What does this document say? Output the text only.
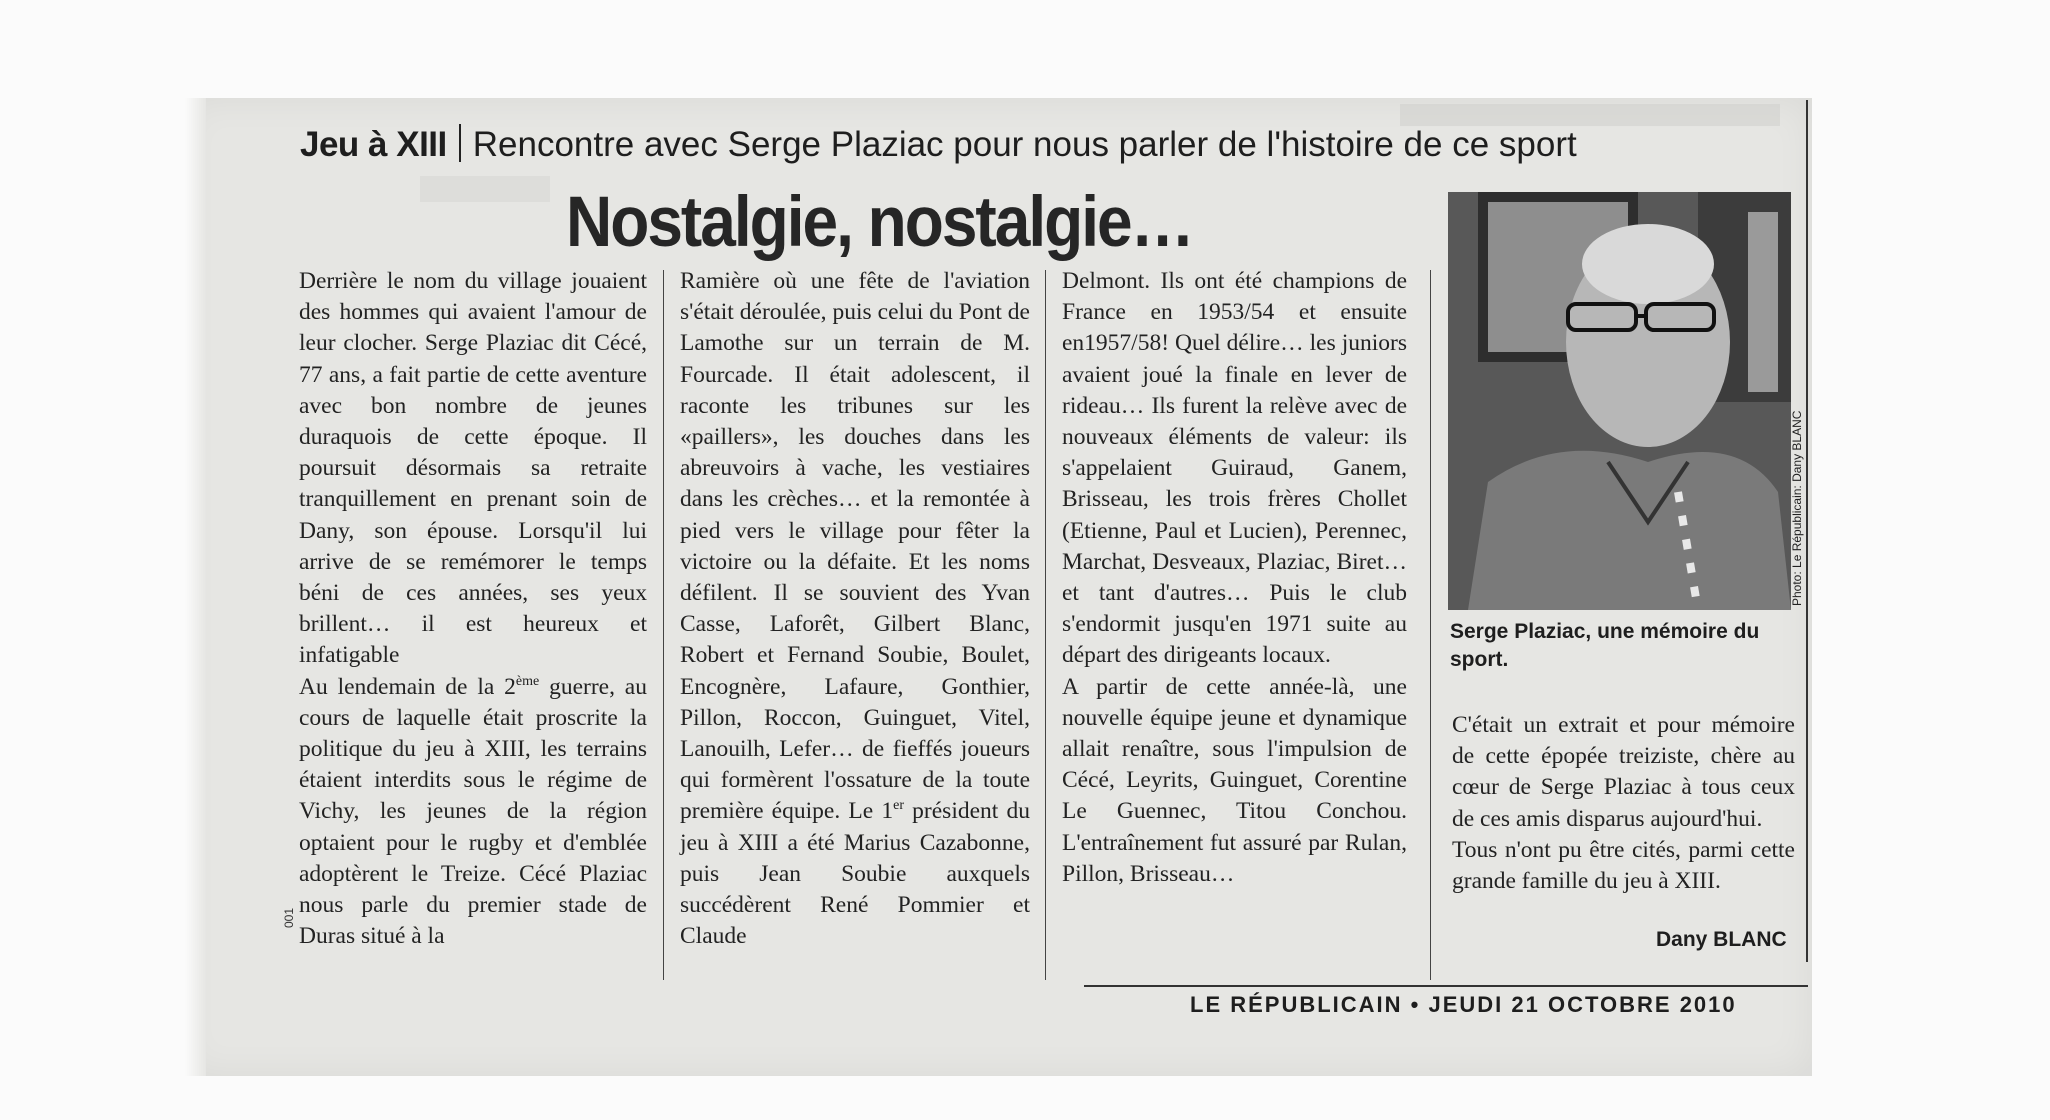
Jeu à XIII Rencontre avec Serge Plaziac pour nous parler de l'histoire de ce sport
Nostalgie, nostalgie…

Derrière le nom du village jouaient des hommes qui avaient l'amour de leur clocher. Serge Plaziac dit Cécé, 77 ans, a fait partie de cette aventure avec bon nombre de jeunes duraquois de cette époque. Il poursuit désormais sa retraite tranquillement en prenant soin de Dany, son épouse. Lorsqu'il lui arrive de se remémorer le temps béni de ces années, ses yeux brillent… il est heureux et infatigable

Au lendemain de la 2ème guerre, au cours de laquelle était proscrite la politique du jeu à XIII, les terrains étaient interdits sous le régime de Vichy, les jeunes de la région optaient pour le rugby et d'emblée adoptèrent le Treize. Cécé Plaziac nous parle du premier stade de Duras situé à la

Ramière où une fête de l'aviation s'était déroulée, puis celui du Pont de Lamothe sur un terrain de M. Fourcade. Il était adolescent, il raconte les tribunes sur les «paillers», les douches dans les abreuvoirs à vache, les vestiaires dans les crèches… et la remontée à pied vers le village pour fêter la victoire ou la défaite. Et les noms défilent. Il se souvient des Yvan Casse, Laforêt, Gilbert Blanc, Robert et Fernand Soubie, Boulet, Encognère, Lafaure, Gonthier, Pillon, Roccon, Guinguet, Vitel, Lanouilh, Lefer… de fieffés joueurs qui formèrent l'ossature de la toute première équipe. Le 1er président du jeu à XIII a été Marius Cazabonne, puis Jean Soubie auxquels succédèrent René Pommier et Claude

Delmont. Ils ont été champions de France en 1953/54 et ensuite en1957/58! Quel délire… les juniors avaient joué la finale en lever de rideau… Ils furent la relève avec de nouveaux éléments de valeur: ils s'appelaient Guiraud, Ganem, Brisseau, les trois frères Chollet (Etienne, Paul et Lucien), Perennec, Marchat, Desveaux, Plaziac, Biret… et tant d'autres… Puis le club s'endormit jusqu'en 1971 suite au départ des dirigeants locaux.

A partir de cette année-là, une nouvelle équipe jeune et dynamique allait renaître, sous l'impulsion de Cécé, Leyrits, Guinguet, Corentine Le Guennec, Titou Conchou. L'entraînement fut assuré par Rulan, Pillon, Brisseau…

Photo: Le Républicain: Dany BLANC
Serge Plaziac, une mémoire du sport.

C'était un extrait et pour mémoire de cette épopée treiziste, chère au cœur de Serge Plaziac à tous ceux de ces amis disparus aujourd'hui.

Tous n'ont pu être cités, parmi cette grande famille du jeu à XIII.

Dany BLANC
LE RÉPUBLICAIN • JEUDI 21 OCTOBRE 2010
001
